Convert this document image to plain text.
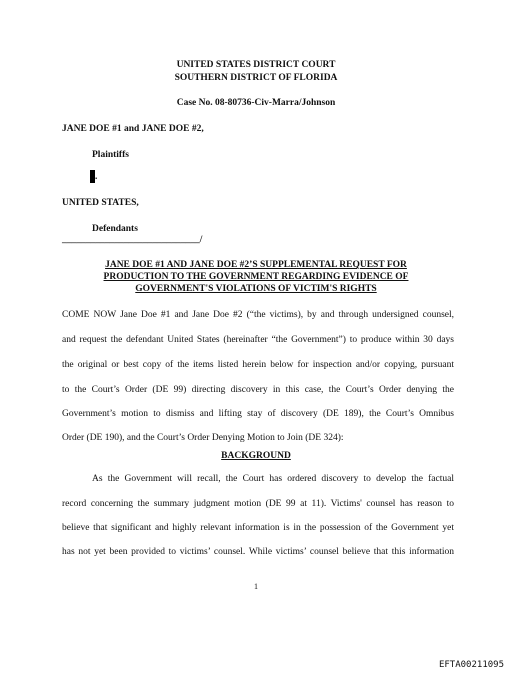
UNITED STATES DISTRICT COURT
SOUTHERN DISTRICT OF FLORIDA
Case No. 08-80736-Civ-Marra/Johnson
JANE DOE #1 and JANE DOE #2,
Plaintiffs
.
UNITED STATES,
Defendants
_____________________________/
JANE DOE #1 AND JANE DOE #2’S SUPPLEMENTAL REQUEST FOR
PRODUCTION TO THE GOVERNMENT REGARDING EVIDENCE OF
GOVERNMENT'S VIOLATIONS OF VICTIM'S RIGHTS
COME NOW Jane Doe #1 and Jane Doe #2 (“the victims), by and through undersigned counsel,
and request the defendant United States (hereinafter “the Government”) to produce within 30 days
the original or best copy of the items listed herein below for inspection and/or copying, pursuant
to the Court’s Order (DE 99) directing discovery in this case, the Court’s Order denying the
Government’s motion to dismiss and lifting stay of discovery (DE 189), the Court’s Omnibus
Order (DE 190), and the Court’s Order Denying Motion to Join (DE 324):
BACKGROUND
As the Government will recall, the Court has ordered discovery to develop the factual
record concerning the summary judgment motion (DE 99 at 11). Victims' counsel has reason to
believe that significant and highly relevant information is in the possession of the Government yet
has not yet been provided to victims’ counsel. While victims’ counsel believe that this information
1
EFTA00211095
